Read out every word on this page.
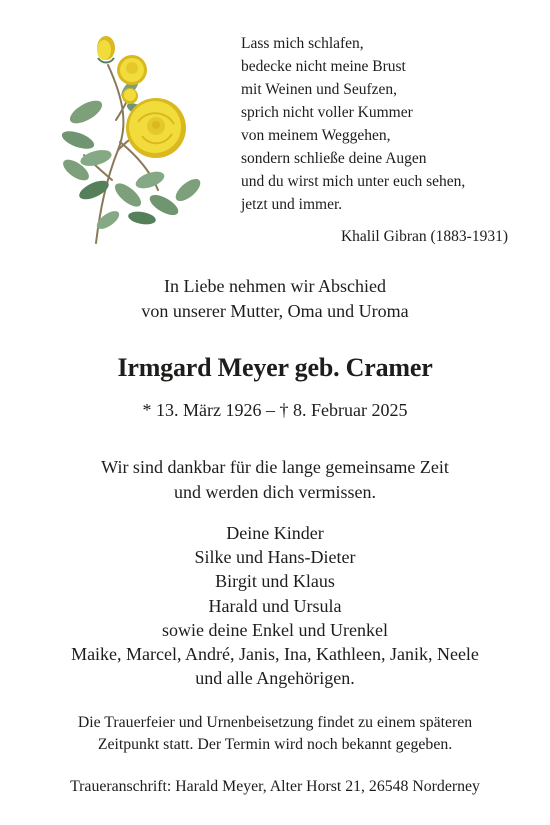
Lass mich schlafen,
bedecke nicht meine Brust
mit Weinen und Seufzen,
sprich nicht voller Kummer
von meinem Weggehen,
sondern schließe deine Augen
und du wirst mich unter euch sehen,
jetzt und immer.
Khalil Gibran (1883-1931)
In Liebe nehmen wir Abschied
von unserer Mutter, Oma und Uroma
Irmgard Meyer geb. Cramer
* 13. März 1926 – † 8. Februar 2025
Wir sind dankbar für die lange gemeinsame Zeit
und werden dich vermissen.
Deine Kinder
Silke und Hans-Dieter
Birgit und Klaus
Harald und Ursula
sowie deine Enkel und Urenkel
Maike, Marcel, André, Janis, Ina, Kathleen, Janik, Neele
und alle Angehörigen.
Die Trauerfeier und Urnenbeisetzung findet zu einem späteren
Zeitpunkt statt. Der Termin wird noch bekannt gegeben.
Traueranschrift: Harald Meyer, Alter Horst 21, 26548 Norderney
